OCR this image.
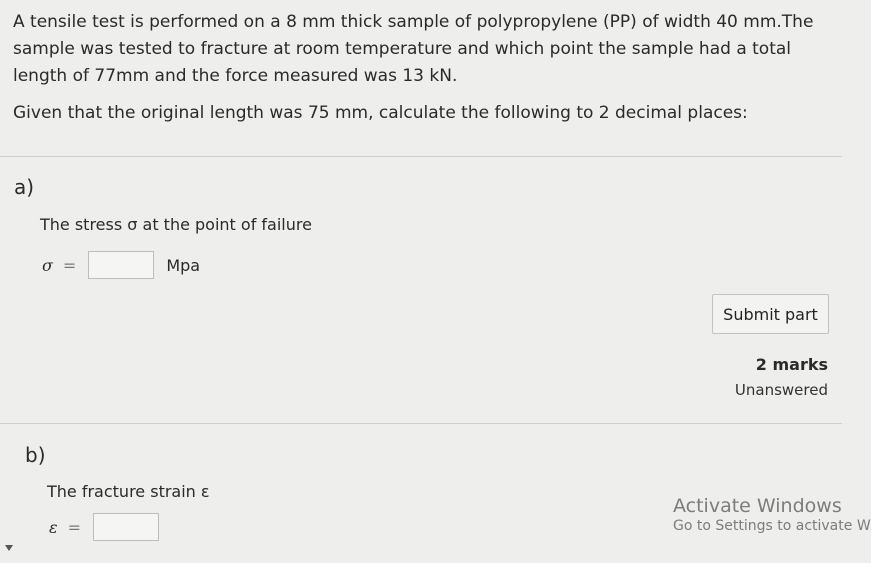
A tensile test is performed on a 8 mm thick sample of polypropylene (PP) of width 40 mm.The sample was tested to fracture at room temperature and which point the sample had a total length of 77mm and the force measured was 13 kN.
Given that the original length was 75 mm, calculate the following to 2 decimal places:
a)
The stress σ at the point of failure
σ =	Mpa
Submit part
2 marks
Unanswered
b)
The fracture strain ε
ε =
Activate Windows
Go to Settings to activate W
